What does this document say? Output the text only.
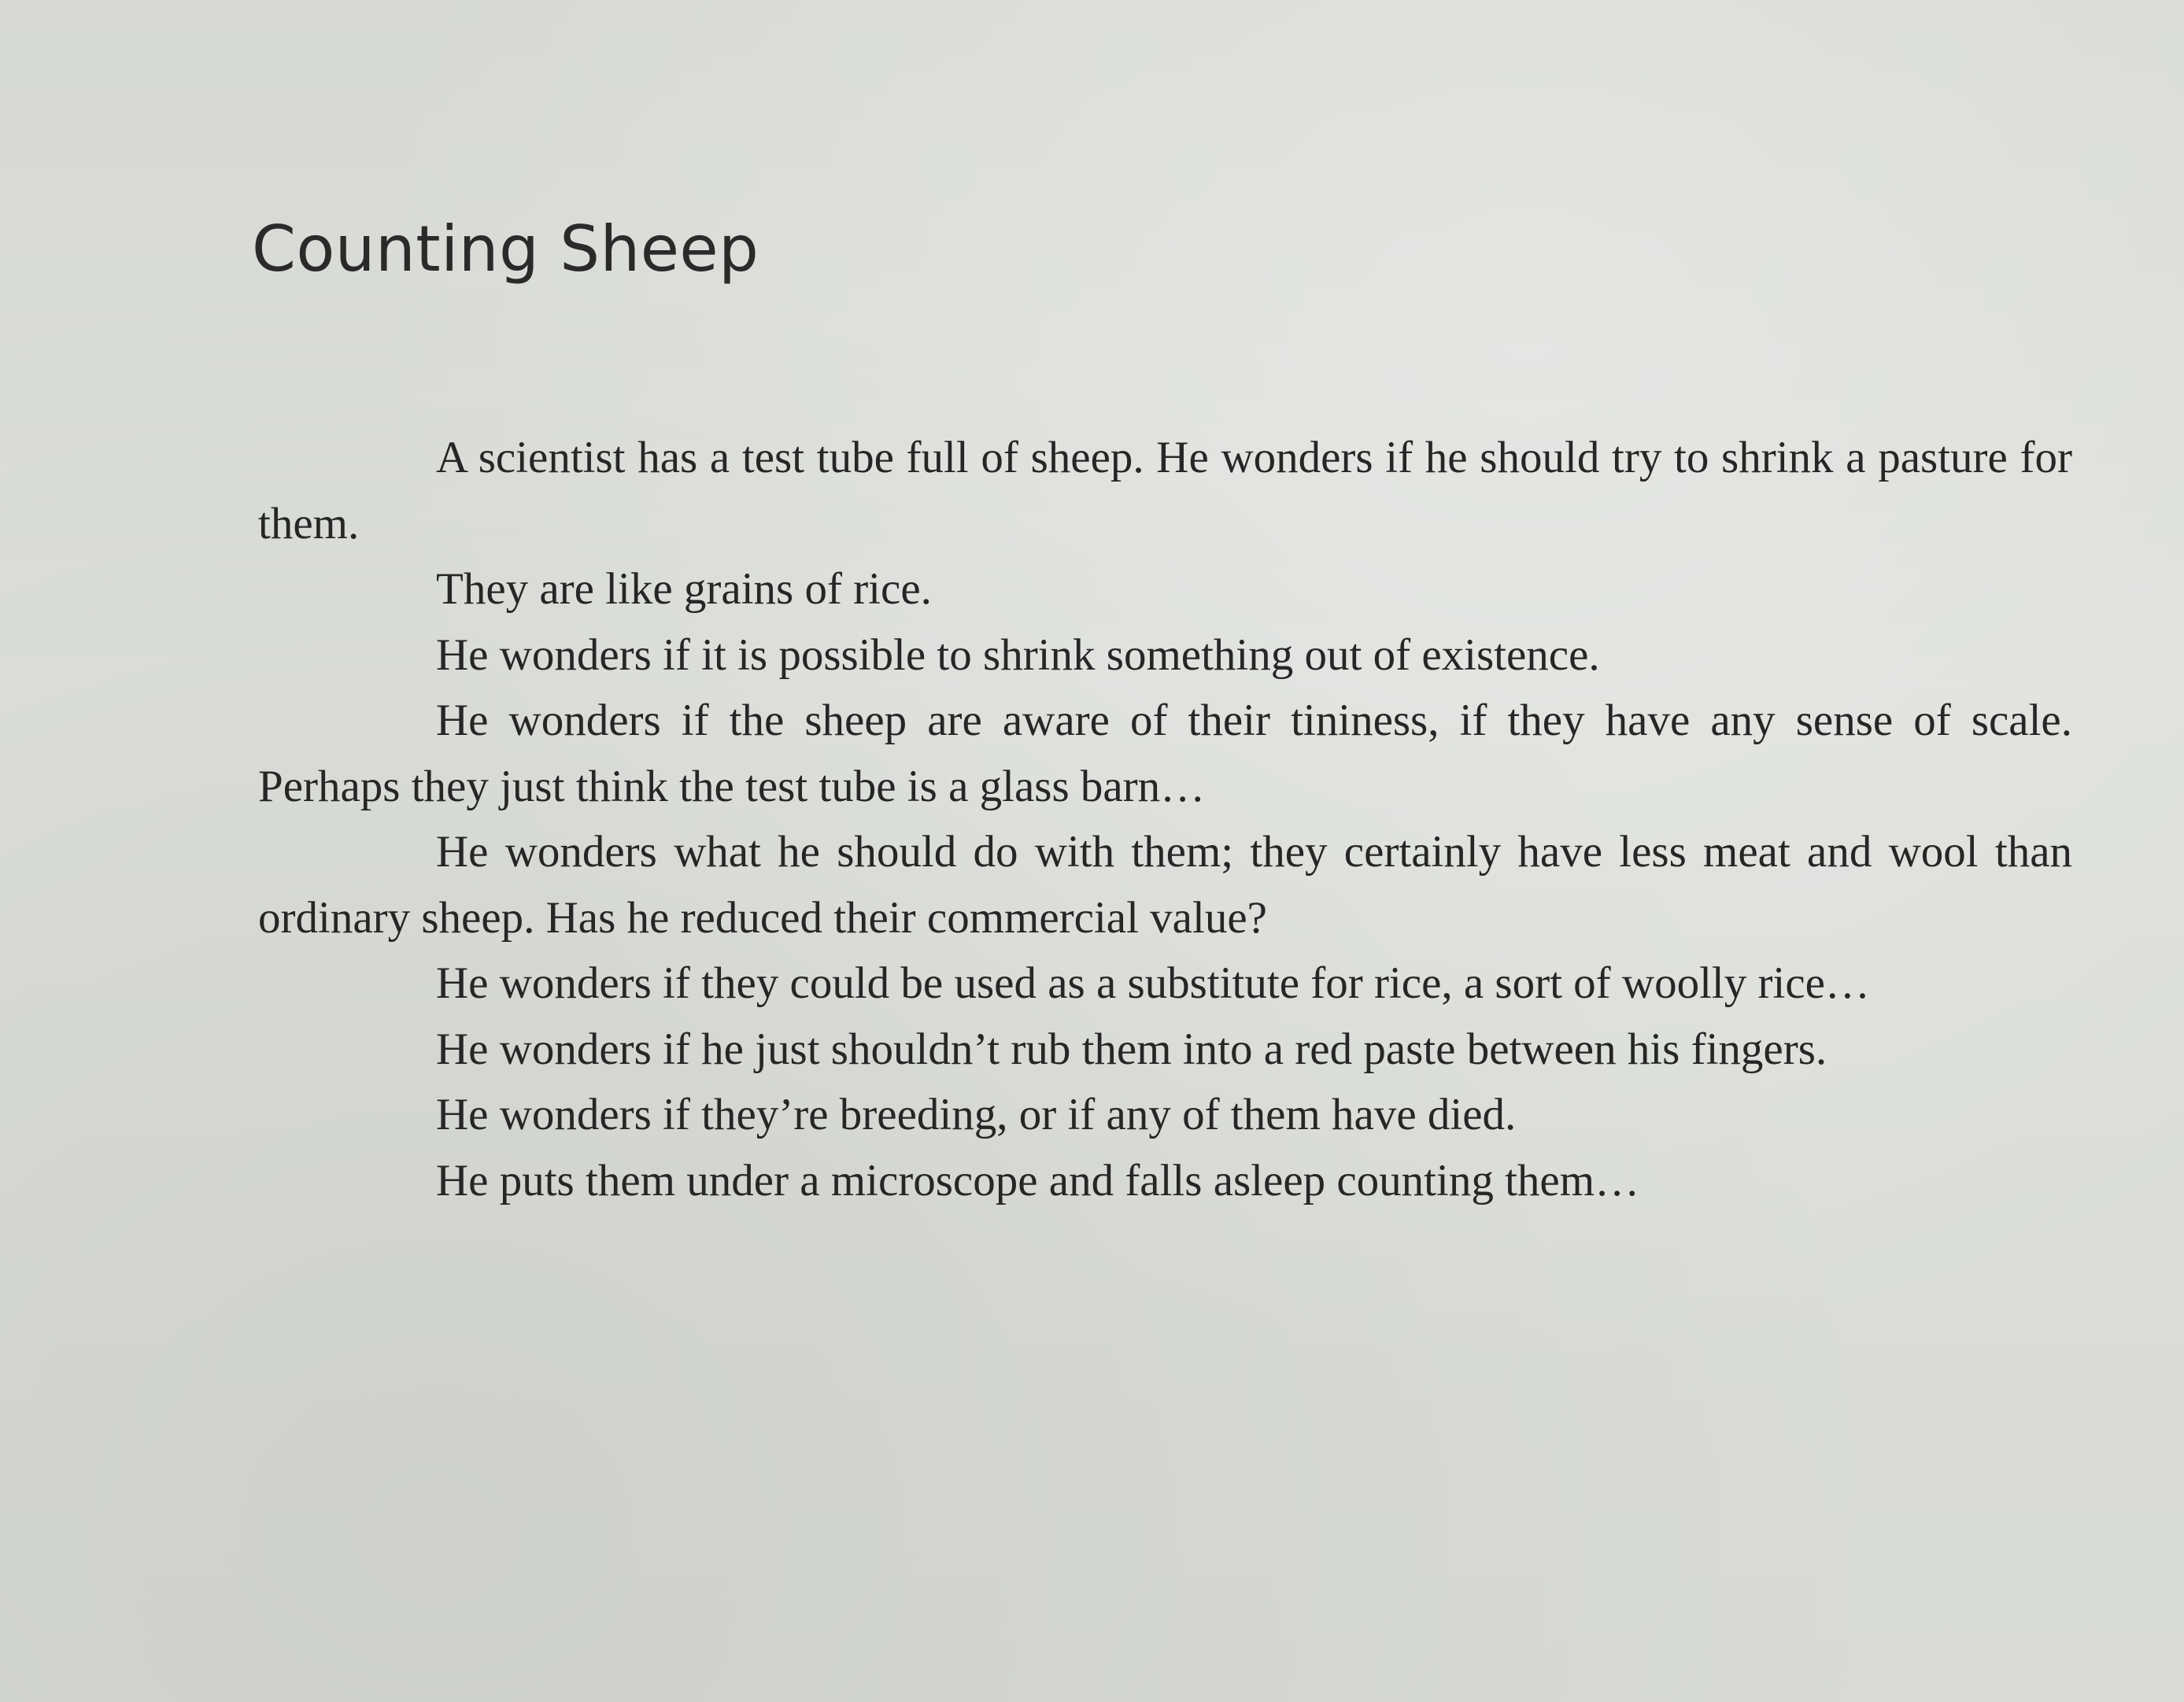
Counting Sheep

A scientist has a test tube full of sheep. He wonders if he should try to shrink a pasture for them.

They are like grains of rice.

He wonders if it is possible to shrink something out of existence.

He wonders if the sheep are aware of their tininess, if they have any sense of scale. Perhaps they just think the test tube is a glass barn…

He wonders what he should do with them; they certainly have less meat and wool than ordinary sheep. Has he reduced their commercial value?

He wonders if they could be used as a substitute for rice, a sort of woolly rice…

He wonders if he just shouldn’t rub them into a red paste between his fingers.

He wonders if they’re breeding, or if any of them have died.

He puts them under a microscope and falls asleep counting them…
